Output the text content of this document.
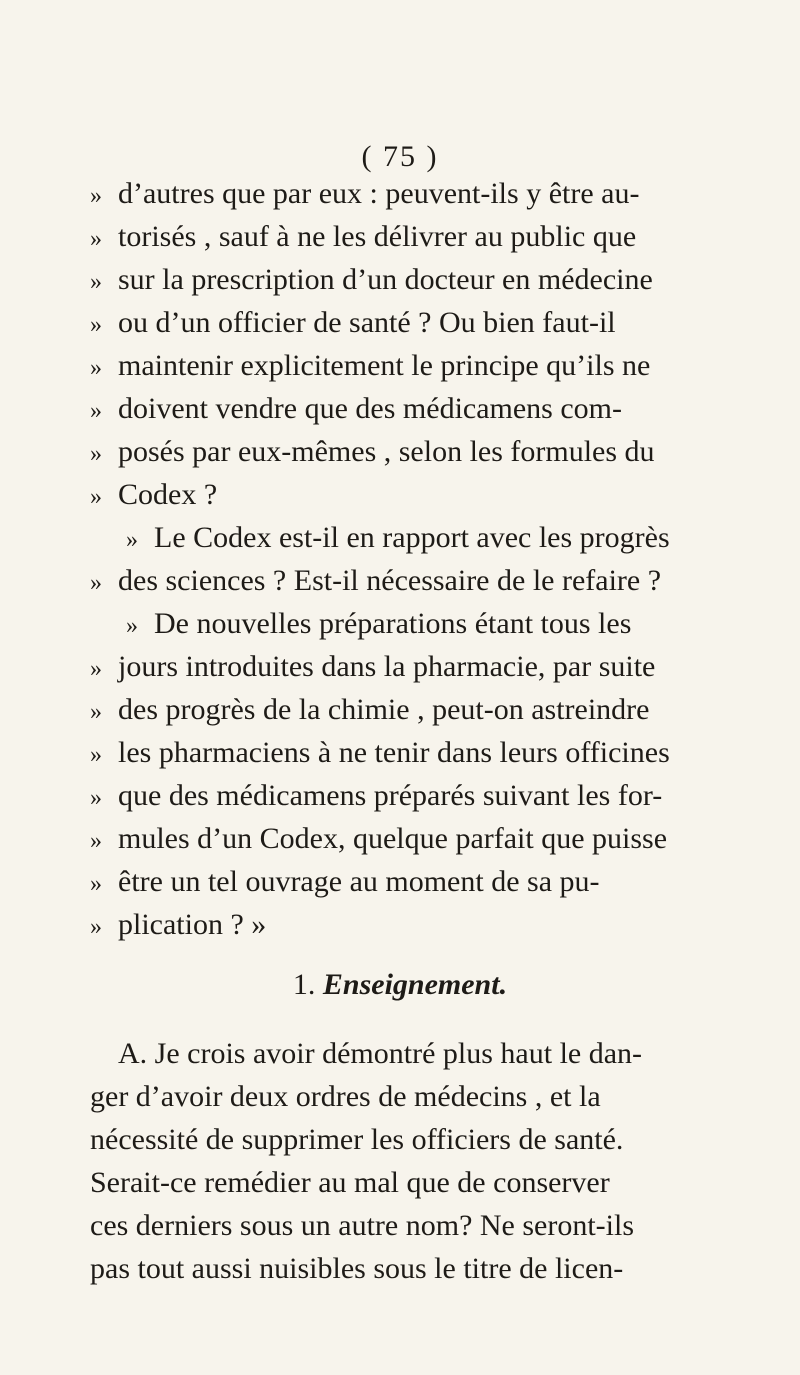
( 75 )
» d’autres que par eux : peuvent-ils y être au-
» torisés , sauf à ne les délivrer au public que
» sur la prescription d’un docteur en médecine
» ou d’un officier de santé ? Ou bien faut-il
» maintenir explicitement le principe qu’ils ne
» doivent vendre que des médicamens com-
» posés par eux-mêmes , selon les formules du
» Codex ?
» Le Codex est-il en rapport avec les progrès
» des sciences ? Est-il nécessaire de le refaire ?
» De nouvelles préparations étant tous les
» jours introduites dans la pharmacie, par suite
» des progrès de la chimie , peut-on astreindre
» les pharmaciens à ne tenir dans leurs officines
» que des médicamens préparés suivant les for-
» mules d’un Codex, quelque parfait que puisse
» être un tel ouvrage au moment de sa pu-
» plication ? »
1. Enseignement.
A. Je crois avoir démontré plus haut le dan-
ger d’avoir deux ordres de médecins , et la
nécessité de supprimer les officiers de santé.
Serait-ce remédier au mal que de conserver
ces derniers sous un autre nom? Ne seront-ils
pas tout aussi nuisibles sous le titre de licen-
